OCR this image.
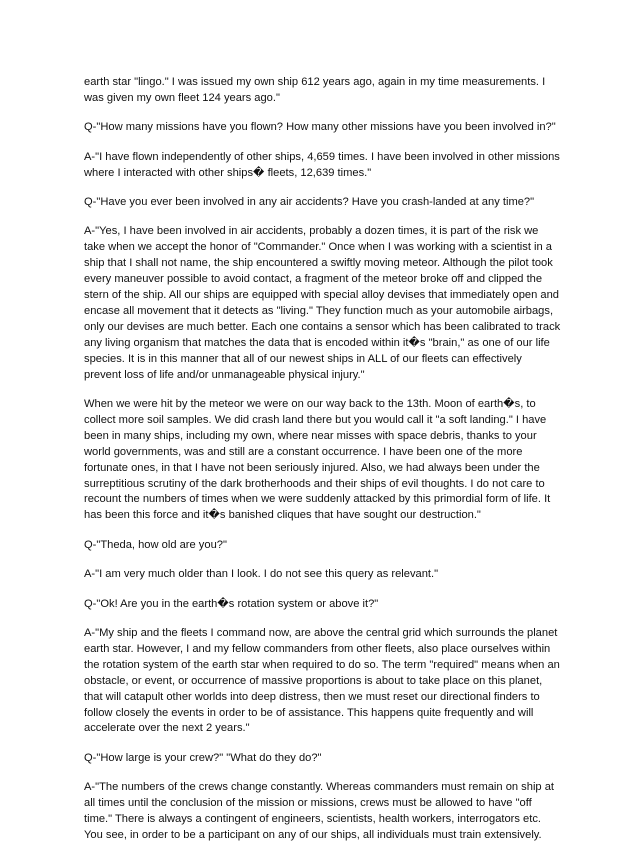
earth star "lingo." I was issued my own ship 612 years ago, again in my time measurements. I was given my own fleet 124 years ago."

Q-"How many missions have you flown? How many other missions have you been involved in?"

A-"I have flown independently of other ships, 4,659 times. I have been involved in other missions where I interacted with other ships� fleets, 12,639 times."

Q-"Have you ever been involved in any air accidents? Have you crash-landed at any time?"

A-"Yes, I have been involved in air accidents, probably a dozen times, it is part of the risk we take when we accept the honor of "Commander." Once when I was working with a scientist in a ship that I shall not name, the ship encountered a swiftly moving meteor. Although the pilot took every maneuver possible to avoid contact, a fragment of the meteor broke off and clipped the stern of the ship. All our ships are equipped with special alloy devises that immediately open and encase all movement that it detects as "living." They function much as your automobile airbags, only our devises are much better. Each one contains a sensor which has been calibrated to track any living organism that matches the data that is encoded within it�s "brain," as one of our life species. It is in this manner that all of our newest ships in ALL of our fleets can effectively prevent loss of life and/or unmanageable physical injury."

When we were hit by the meteor we were on our way back to the 13th. Moon of earth�s, to collect more soil samples. We did crash land there but you would call it "a soft landing." I have been in many ships, including my own, where near misses with space debris, thanks to your world governments, was and still are a constant occurrence. I have been one of the more fortunate ones, in that I have not been seriously injured. Also, we had always been under the surreptitious scrutiny of the dark brotherhoods and their ships of evil thoughts. I do not care to recount the numbers of times when we were suddenly attacked by this primordial form of life. It has been this force and it�s banished cliques that have sought our destruction."

Q-"Theda, how old are you?"

A-"I am very much older than I look. I do not see this query as relevant."

Q-"Ok! Are you in the earth�s rotation system or above it?"

A-"My ship and the fleets I command now, are above the central grid which surrounds the planet earth star. However, I and my fellow commanders from other fleets, also place ourselves within the rotation system of the earth star when required to do so. The term "required" means when an obstacle, or event, or occurrence of massive proportions is about to take place on this planet, that will catapult other worlds into deep distress, then we must reset our directional finders to follow closely the events in order to be of assistance. This happens quite frequently and will accelerate over the next 2 years."

Q-"How large is your crew?" "What do they do?"

A-"The numbers of the crews change constantly. Whereas commanders must remain on ship at all times until the conclusion of the mission or missions, crews must be allowed to have "off time." There is always a contingent of engineers, scientists, health workers, interrogators etc. You see, in order to be a participant on any of our ships, all individuals must train extensively.
